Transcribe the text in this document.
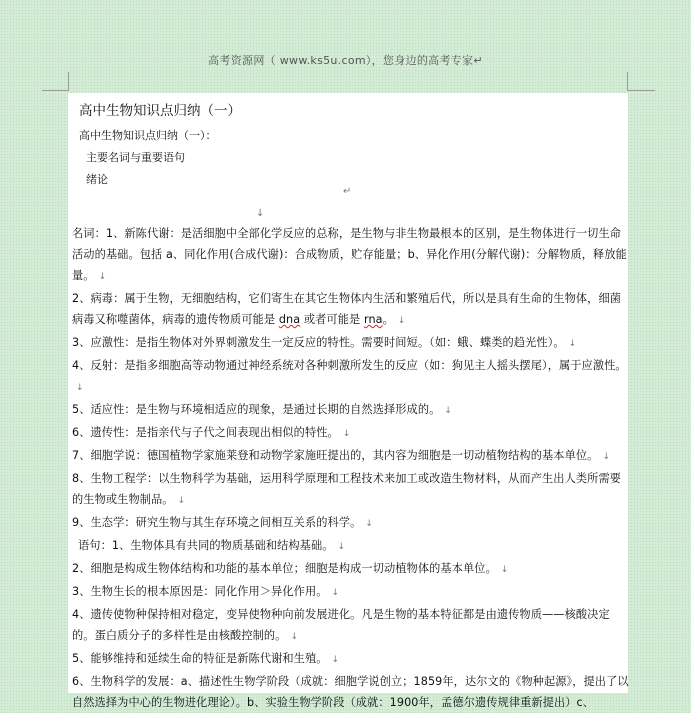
高考资源网（ www.ks5u.com），您身边的高考专家↵
高中生物知识点归纳（一）
高中生物知识点归纳（一）：
主要名词与重要语句
绪论
↵
↓

名词：1、新陈代谢：是活细胞中全部化学反应的总称，是生物与非生物最根本的区别，是生物体进行一切生命活动的基础。包括 a、同化作用(合成代谢)：合成物质，贮存能量；b、异化作用(分解代谢)：分解物质，释放能量。 ↓

2、病毒：属于生物，无细胞结构，它们寄生在其它生物体内生活和繁殖后代，所以是具有生命的生物体，细菌病毒又称噬菌体，病毒的遗传物质可能是 dna 或者可能是 rna。 ↓

3、应激性：是指生物体对外界刺激发生一定反应的特性。需要时间短。（如：蛾、蝶类的趋光性）。 ↓

4、反射：是指多细胞高等动物通过神经系统对各种刺激所发生的反应（如：狗见主人摇头摆尾），属于应激性。↓

5、适应性：是生物与环境相适应的现象，是通过长期的自然选择形成的。 ↓

6、遗传性：是指亲代与子代之间表现出相似的特性。 ↓

7、细胞学说：德国植物学家施莱登和动物学家施旺提出的，其内容为细胞是一切动植物结构的基本单位。 ↓

8、生物工程学：以生物科学为基础，运用科学原理和工程技术来加工或改造生物材料，从而产生出人类所需要的生物或生物制品。 ↓

9、生态学：研究生物与其生存环境之间相互关系的科学。 ↓

语句：1、生物体具有共同的物质基础和结构基础。 ↓

2、细胞是构成生物体结构和功能的基本单位；细胞是构成一切动植物体的基本单位。 ↓

3、生物生长的根本原因是：同化作用＞异化作用。 ↓

4、遗传使物种保持相对稳定，变异使物种向前发展进化。凡是生物的基本特征都是由遗传物质——核酸决定的。蛋白质分子的多样性是由核酸控制的。 ↓

5、能够维持和延续生命的特征是新陈代谢和生殖。 ↓

6、生物科学的发展：a、描述性生物学阶段（成就：细胞学说创立；1859年，达尔文的《物种起源》，提出了以自然选择为中心的生物进化理论）。b、实验生物学阶段（成就：1900年，孟德尔遗传规律重新提出）c、
